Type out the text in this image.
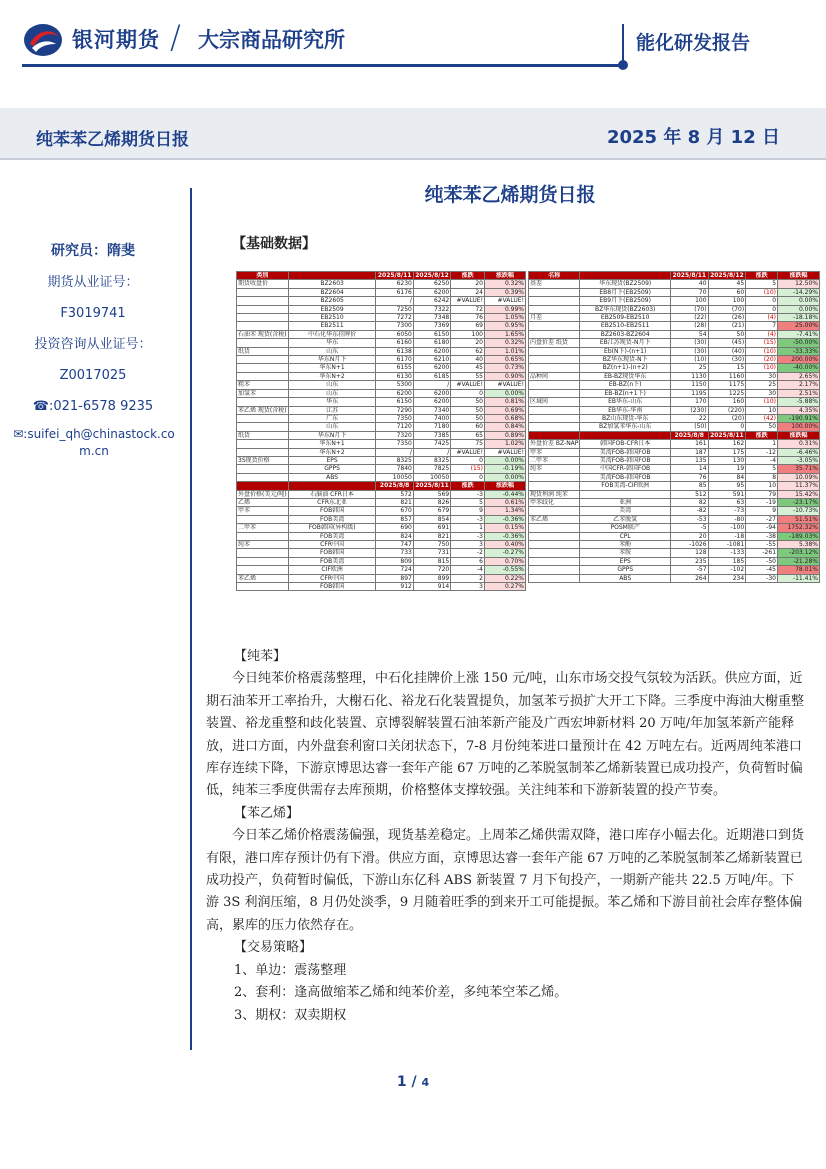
银河期货 / 大宗商品研究所	能化研发报告
纯苯苯乙烯期货日报	2025 年 8 月 12 日
研究员：隋斐
期货从业证号：
F3019741
投资咨询从业证号：
Z0017025
☎:021-6578 9235
✉:suifei_qh@chinastock.com.cn
纯苯苯乙烯期货日报
【基础数据】
类别		2025/8/11	2025/8/12	涨跌	涨跌幅
期货收盘价	BZ2603	6230	6250	20	0.32%
	BZ2604	6176	6200	24	0.39%
	BZ2605	/	6242	#VALUE!	#VALUE!
	EB2509	7250	7322	72	0.99%
	EB2510	7272	7348	76	1.05%
	EB2511	7300	7369	69	0.95%
石油苯 现货(含税)	中石化华东挂牌价	6050	6150	100	1.65%
	华东	6160	6180	20	0.32%
纸货	山东	6138	6200	62	1.01%
	华东N月下	6170	6210	40	0.65%
	华东N+1	6155	6200	45	0.73%
	华东N+2	6130	6185	55	0.90%
粗苯	山东	5300	/	#VALUE!	#VALUE!
加氢苯	山东	6200	6200	0	0.00%
	华东	6150	6200	50	0.81%
苯乙烯 现货(含税)	江苏	7290	7340	50	0.69%
	广东	7350	7400	50	0.68%
	山东	7120	7180	60	0.84%
纸货	华东N月下	7320	7385	65	0.89%
	华东N+1	7350	7425	75	1.02%
	华东N+2	/	/	#VALUE!	#VALUE!
3S现货价格	EPS	8325	8325	0	0.00%
	GPPS	7840	7825	(15)	-0.19%
	ABS	10050	10050	0	0.00%
		2025/8/8	2025/8/11	涨跌	涨跌幅
外盘价格(美元/吨)	石脑油 CFR日本	572	569	-3	-0.44%
乙烯	CFR东北亚	821	826	5	0.61%
甲苯	FOB韩国	670	679	9	1.34%
	FOB美湾	857	854	-3	-0.36%
二甲苯	FOB韩国(异构级)	690	691	1	0.15%
	FOB美湾	824	821	-3	-0.36%
纯苯	CFR中国	747	750	3	0.40%
	FOB韩国	733	731	-2	-0.27%
	FOB美湾	809	815	6	0.70%
	CIF欧洲	724	720	-4	-0.55%
苯乙烯	CFR中国	897	899	2	0.22%
	FOB韩国	912	914	3	0.27%
名称		2025/8/11	2025/8/12	涨跌	涨跌幅
基差	华东现货(BZ2509)	40	45	5	12.50%
	EB8月下(EB2509)	70	60	(10)	-14.29%
	EB9月下(EB2509)	100	100	0	0.00%
	BZ华东现货(BZ2603)	(70)	(70)	0	0.00%
月差	EB2509-EB2510	(22)	(26)	(4)	-18.18%
	EB2510-EB2511	(28)	(21)	7	25.00%
	BZ2603-BZ2604	54	50	(4)	-7.41%
内盘价差 纸货	EB江苏现货-N月下	(30)	(45)	(15)	-50.00%
	Eb(N下)-(n+1)	(30)	(40)	(10)	-33.33%
	BZ华东现货-N下	(10)	(30)	(20)	200.00%
	BZ(n+1)-(n+2)	25	15	(10)	-40.00%
品种间	EB-BZ现货华东	1130	1160	30	2.65%
	EB-BZ(n下)	1150	1175	25	2.17%
	EB-BZ(n+1下)	1195	1225	30	2.51%
区域间	EB华东-山东	170	160	(10)	-5.88%
	EB华东-华南	(230)	(220)	10	4.35%
	BZ山东现货-华东	22	(20)	(42)	-190.91%
	BZ加氢苯华东-山东	(50)	0	50	100.00%
		2025/8/8	2025/8/11	涨跌	涨跌幅
外盘价差 BZ-NAP	韩国FOB-CFR日本	161	162	1	0.31%
甲苯	美湾FOB-韩国FOB	187	175	-12	-6.46%
二甲苯	美湾FOB-韩国FOB	135	130	-4	-3.05%
纯苯	中国CFR-韩国FOB	14	19	5	35.71%
	美湾FOB-韩国FOB	76	84	8	10.09%
	FOB美湾-CIF欧洲	85	95	10	11.37%
现货利润 纯苯		512	591	79	15.42%
甲苯歧化	亚洲	82	63	-19	-23.17%
	美湾	-82	-73	9	-10.73%
苯乙烯	乙苯脱氢	-53	-80	-27	51.51%
	POSM联产	-5	-100	-94	1752.32%
	CPL	20	-18	-38	-189.03%
	苯酚	-1026	-1081	-55	5.38%
	苯胺	128	-133	-261	-203.12%
	EPS	235	185	-50	-21.28%
	GPPS	-57	-102	-45	78.01%
	ABS	264	234	-30	-11.41%

【纯苯】

今日纯苯价格震荡整理，中石化挂牌价上涨 150 元/吨，山东市场交投气氛较为活跃。供应方面，近期石油苯开工率抬升，大榭石化、裕龙石化装置提负，加氢苯亏损扩大开工下降。三季度中海油大榭重整装置、裕龙重整和歧化装置、京博裂解装置石油苯新产能及广西宏坤新材料 20 万吨/年加氢苯新产能释放，进口方面，内外盘套利窗口关闭状态下，7-8 月份纯苯进口量预计在 42 万吨左右。近两周纯苯港口库存连续下降，下游京博思达睿一套年产能 67 万吨的乙苯脱氢制苯乙烯新装置已成功投产，负荷暂时偏低，纯苯三季度供需存去库预期，价格整体支撑较强。关注纯苯和下游新装置的投产节奏。

【苯乙烯】

今日苯乙烯价格震荡偏强，现货基差稳定。上周苯乙烯供需双降，港口库存小幅去化。近期港口到货有限，港口库存预计仍有下滑。供应方面，京博思达睿一套年产能 67 万吨的乙苯脱氢制苯乙烯新装置已成功投产，负荷暂时偏低，下游山东亿科 ABS 新装置 7 月下旬投产，一期新产能共 22.5 万吨/年。下游 3S 利润压缩，8 月仍处淡季，9 月随着旺季的到来开工可能提振。苯乙烯和下游目前社会库存整体偏高，累库的压力依然存在。

【交易策略】

1、单边：震荡整理

2、套利：逢高做缩苯乙烯和纯苯价差，多纯苯空苯乙烯。

3、期权：双卖期权

1 / 4
